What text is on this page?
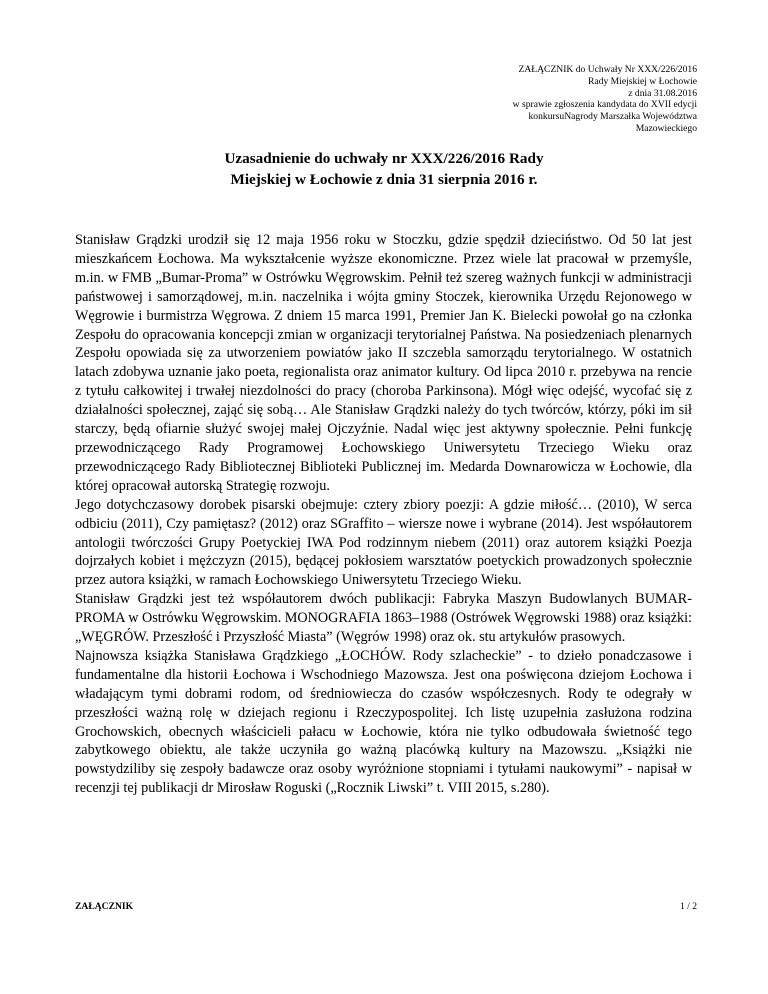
ZAŁĄCZNIK do Uchwały Nr XXX/226/2016
Rady Miejskiej w Łochowie
z dnia 31.08.2016
w sprawie zgłoszenia kandydata do XVII edycji
konkursuNagrody Marszałka Województwa
Mazowieckiego
Uzasadnienie do uchwały nr XXX/226/2016 Rady
Miejskiej w Łochowie z dnia 31 sierpnia 2016 r.

Stanisław Grądzki urodził się 12 maja 1956 roku w Stoczku, gdzie spędził dzieciństwo. Od 50 lat jest mieszkańcem Łochowa. Ma wykształcenie wyższe ekonomiczne. Przez wiele lat pracował w przemyśle, m.in. w FMB „Bumar-Proma” w Ostrówku Węgrowskim. Pełnił też szereg ważnych funkcji w administracji państwowej i samorządowej, m.in. naczelnika i wójta gminy Stoczek, kierownika Urzędu Rejonowego w Węgrowie i burmistrza Węgrowa. Z dniem 15 marca 1991, Premier Jan K. Bielecki powołał go na członka Zespołu do opracowania koncepcji zmian w organizacji terytorialnej Państwa. Na posiedzeniach plenarnych Zespołu opowiada się za utworzeniem powiatów jako II szczebla samorządu terytorialnego. W ostatnich latach zdobywa uznanie jako poeta, regionalista oraz animator kultury. Od lipca 2010 r. przebywa na rencie z tytułu całkowitej i trwałej niezdolności do pracy (choroba Parkinsona). Mógł więc odejść, wycofać się z działalności społecznej, zająć się sobą… Ale Stanisław Grądzki należy do tych twórców, którzy, póki im sił starczy, będą ofiarnie służyć swojej małej Ojczyźnie. Nadal więc jest aktywny społecznie. Pełni funkcję przewodniczącego Rady Programowej Łochowskiego Uniwersytetu Trzeciego Wieku oraz przewodniczącego Rady Bibliotecznej Biblioteki Publicznej im. Medarda Downarowicza w Łochowie, dla której opracował autorską Strategię rozwoju.

Jego dotychczasowy dorobek pisarski obejmuje: cztery zbiory poezji: A gdzie miłość… (2010), W serca odbiciu (2011), Czy pamiętasz? (2012) oraz SGraffito – wiersze nowe i wybrane (2014). Jest współautorem antologii twórczości Grupy Poetyckiej IWA Pod rodzinnym niebem (2011) oraz autorem książki Poezja dojrzałych kobiet i mężczyzn (2015), będącej pokłosiem warsztatów poetyckich prowadzonych społecznie przez autora książki, w ramach Łochowskiego Uniwersytetu Trzeciego Wieku.

Stanisław Grądzki jest też współautorem dwóch publikacji: Fabryka Maszyn Budowlanych BUMAR-PROMA w Ostrówku Węgrowskim. MONOGRAFIA 1863–1988 (Ostrówek Węgrowski 1988) oraz książki: „WĘGRÓW. Przeszłość i Przyszłość Miasta” (Węgrów 1998) oraz ok. stu artykułów prasowych.

Najnowsza książka Stanisława Grądzkiego „ŁOCHÓW. Rody szlacheckie” - to dzieło ponadczasowe i fundamentalne dla historii Łochowa i Wschodniego Mazowsza. Jest ona poświęcona dziejom Łochowa i władającym tymi dobrami rodom, od średniowiecza do czasów współczesnych. Rody te odegrały w przeszłości ważną rolę w dziejach regionu i Rzeczypospolitej. Ich listę uzupełnia zasłużona rodzina Grochowskich, obecnych właścicieli pałacu w Łochowie, która nie tylko odbudowała świetność tego zabytkowego obiektu, ale także uczyniła go ważną placówką kultury na Mazowszu. „Książki nie powstydziliby się zespoły badawcze oraz osoby wyróżnione stopniami i tytułami naukowymi” - napisał w recenzji tej publikacji dr Mirosław Roguski („Rocznik Liwski” t. VIII 2015, s.280).

ZAŁĄCZNIK	1 / 2
